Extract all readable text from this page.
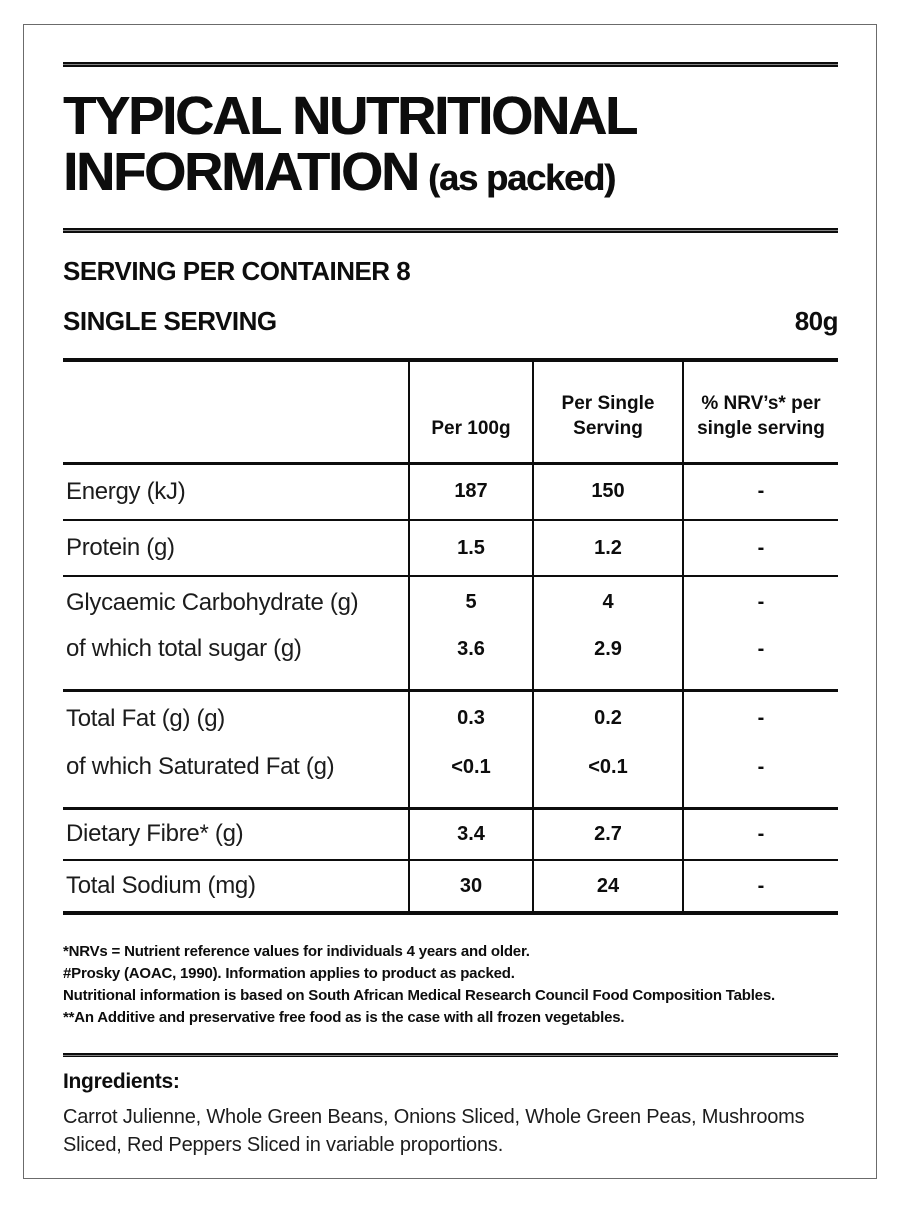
TYPICAL NUTRITIONAL
INFORMATION (as packed)
SERVING PER CONTAINER 8
SINGLE SERVING	80g
	Per 100g	Per Single Serving	% NRV’s* per single serving
Energy (kJ)	187	150	-
Protein (g)	1.5	1.2	-
Glycaemic Carbohydrate (g)	5	4	-
of which total sugar (g)	3.6	2.9	-
Total Fat (g) (g)	0.3	0.2	-
of which Saturated Fat (g)	<0.1	<0.1	-
Dietary Fibre* (g)	3.4	2.7	-
Total Sodium (mg)	30	24	-
*NRVs = Nutrient reference values for individuals 4 years and older.
#Prosky (AOAC, 1990). Information applies to product as packed.
Nutritional information is based on South African Medical Research Council Food Composition Tables.
**An Additive and preservative free food as is the case with all frozen vegetables.
Ingredients:
Carrot Julienne, Whole Green Beans, Onions Sliced, Whole Green Peas, Mushrooms Sliced, Red Peppers Sliced in variable proportions.
